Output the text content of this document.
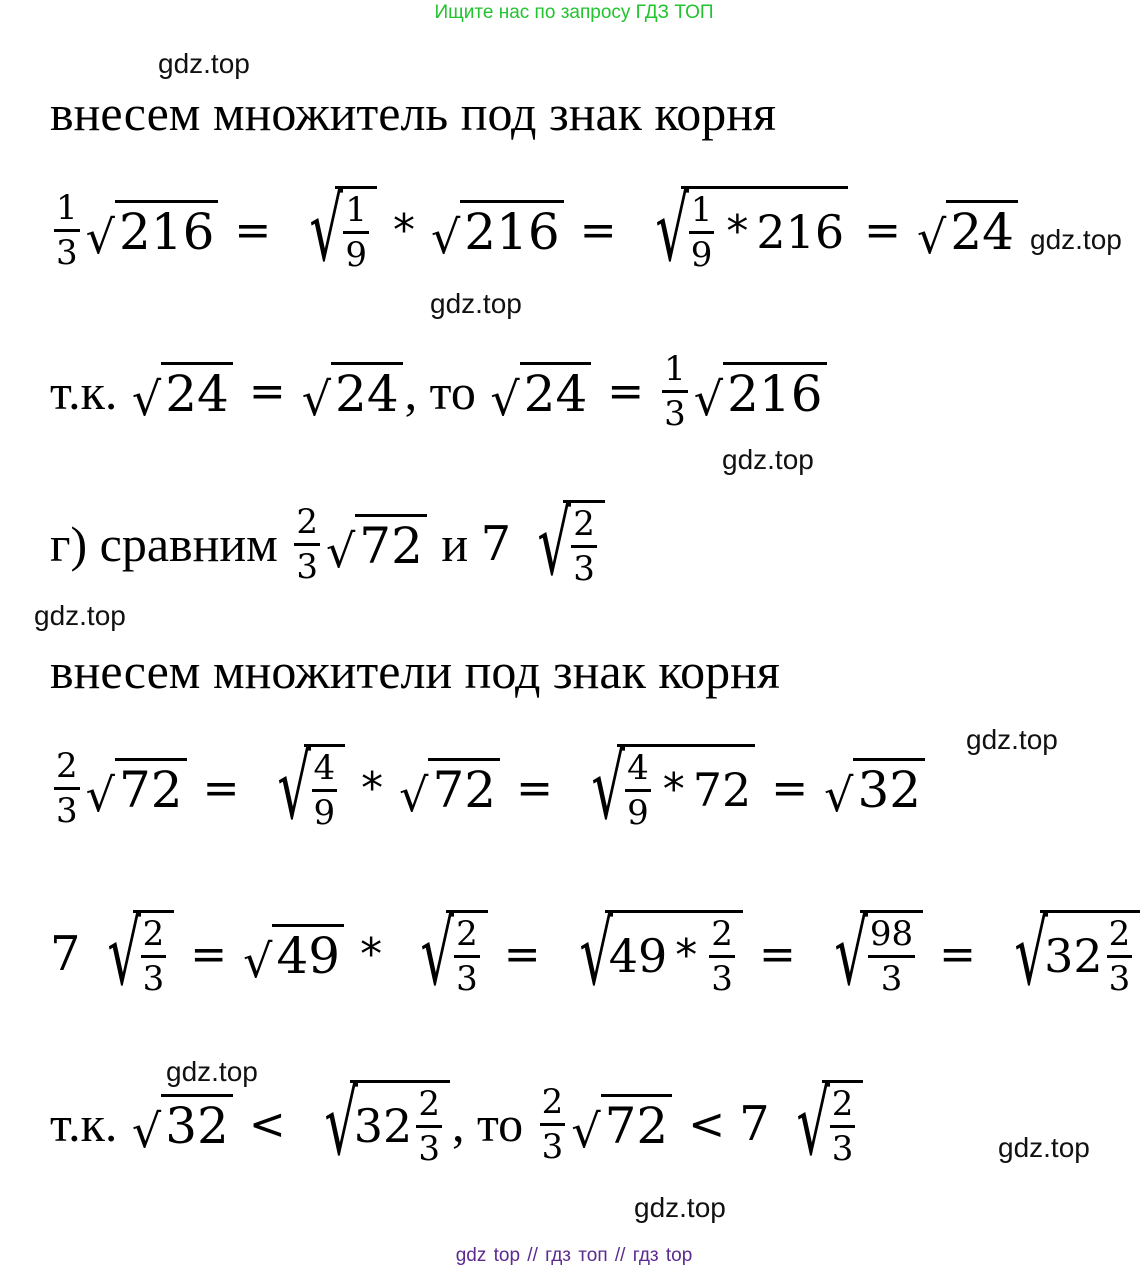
Ищите нас по запросу ГДЗ ТОП
внесем множитель под знак корня
$\frac{1}{3}$ √ 216 = √ $\frac{1}{9}$ * √ 216 = √ $\frac{1}{9} * 216$ = √ 24
т.к.
√ 24 = √ 24 , то
√ $24 = \frac{1}{3}$ √ 216
г) сравним
$\frac{2}{3}$ √ 72
и
7 √ $\frac{2}{3}$
внесем множители под знак корня
$\frac{2}{3}$ √ 72 = √ $\frac{4}{9}$ * √ 72 = √ $\frac{4}{9} * 72$ = √ 32
7 √ $\frac{2}{3}$ = √ 49 * √ $\frac{2}{3}$ = √
$49 * \frac{2}{3}$ = √ $\frac{98}{3}$ = √
$32 \frac{2}{3}$
т.к.
√ 32 < √
$32 \frac{2}{3}$ , то
$\frac{2}{3}$ √ 72 < 7 √ $\frac{2}{3}$
gdz.top
gdz.top
gdz.top
gdz.top
gdz.top
gdz.top
gdz.top
gdz.top
gdz.top
gdz top // гдз топ // гдз top
